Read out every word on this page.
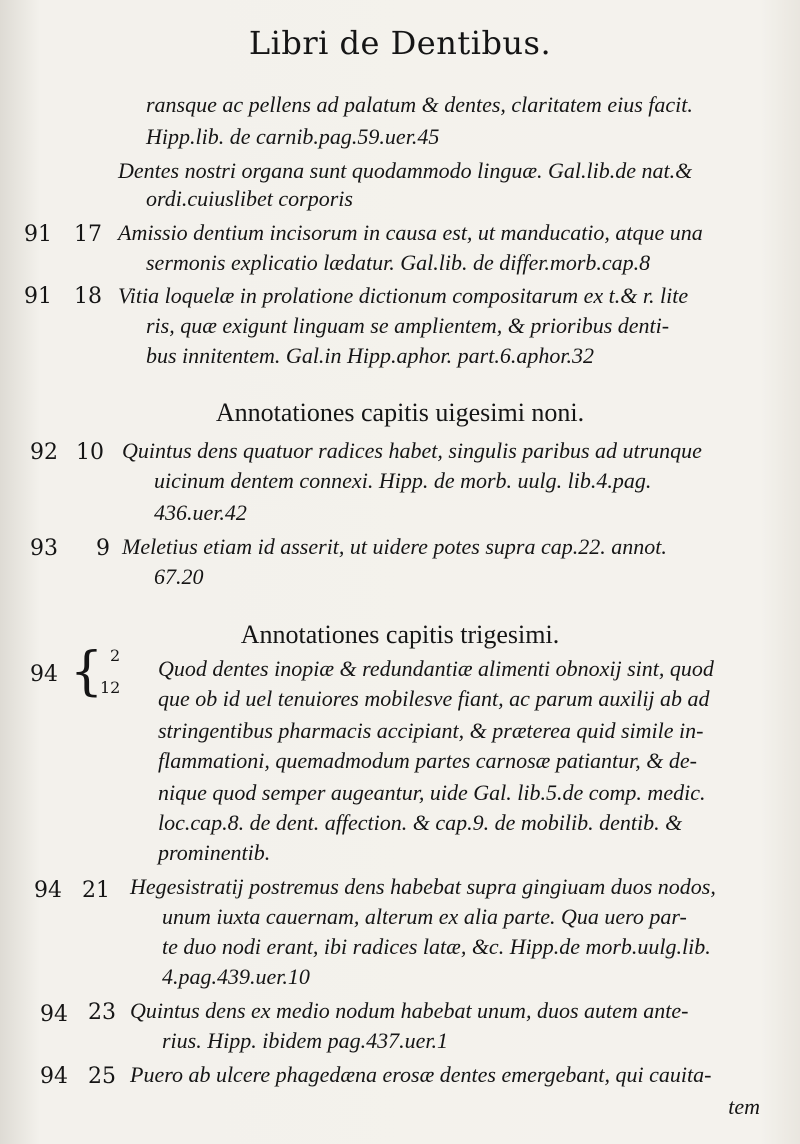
Libri de Dentibus.
ransque ac pellens ad palatum & dentes, claritatem eius facit.
Hipp.lib. de carnib.pag.59.uer.45
Dentes nostri organa sunt quodammodo linguæ. Gal.lib.de nat.&
ordi.cuiuslibet corporis
91 17 Amissio dentium incisorum in causa est, ut manducatio, atque una
sermonis explicatio lædatur. Gal.lib. de differ.morb.cap.8
91 18 Vitia loquelæ in prolatione dictionum compositarum ex t.& r. lite
ris, quæ exigunt linguam se amplientem, & prioribus denti-
bus innitentem. Gal.in Hipp.aphor. part.6.aphor.32
Annotationes capitis uigesimi noni.
92 10 Quintus dens quatuor radices habet, singulis paribus ad utrunque
uicinum dentem connexi. Hipp. de morb. uulg. lib.4.pag.
436.uer.42
93 9 Meletius etiam id asserit, ut uidere potes supra cap.22. annot.
67.20
Annotationes capitis trigesimi.
94 { 2
12
Quod dentes inopiæ & redundantiæ alimenti obnoxij sint, quod
que ob id uel tenuiores mobilesve fiant, ac parum auxilij ab ad
stringentibus pharmacis accipiant, & præterea quid simile in-
flammationi, quemadmodum partes carnosæ patiantur, & de-
nique quod semper augeantur, uide Gal. lib.5.de comp. medic.
loc.cap.8. de dent. affection. & cap.9. de mobilib. dentib. &
prominentib.
94 21 Hegesistratij postremus dens habebat supra gingiuam duos nodos,
unum iuxta cauernam, alterum ex alia parte. Qua uero par-
te duo nodi erant, ibi radices latæ, &c. Hipp.de morb.uulg.lib.
4.pag.439.uer.10
94 23 Quintus dens ex medio nodum habebat unum, duos autem ante-
rius. Hipp. ibidem pag.437.uer.1
94 25 Puero ab ulcere phagedæna erosæ dentes emergebant, qui cauita-
tem
